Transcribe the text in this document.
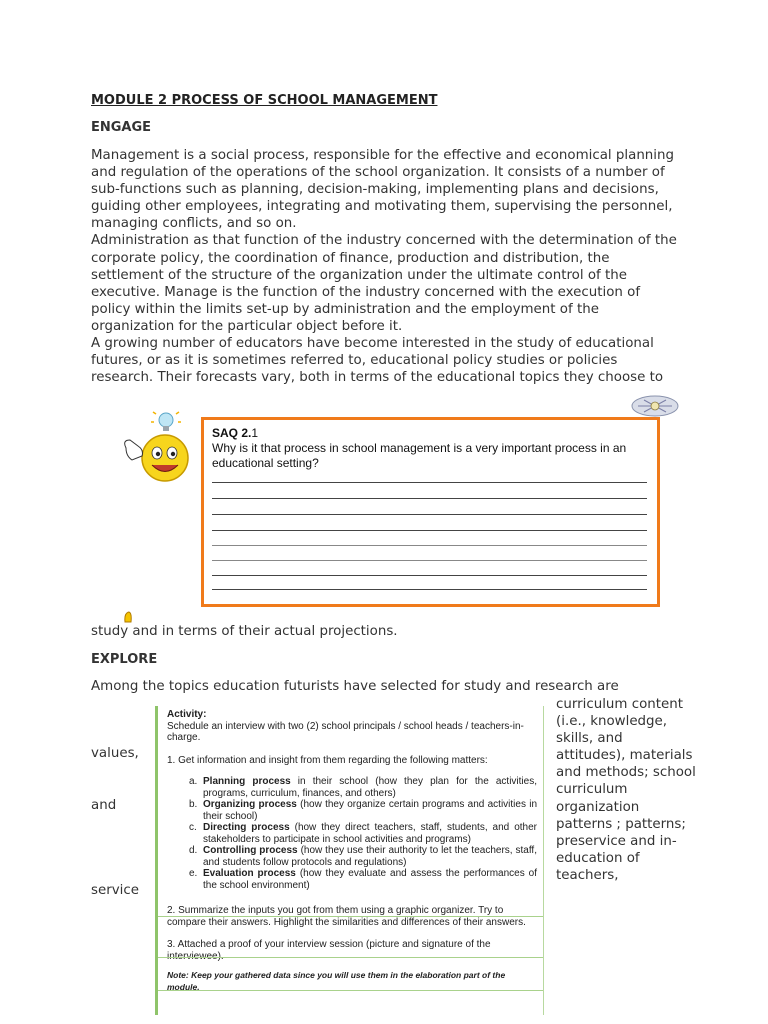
MODULE 2 PROCESS OF SCHOOL MANAGEMENT
ENGAGE

Management is a social process, responsible for the effective and economical planning and regulation of the operations of the school organization. It consists of a number of sub-functions such as planning, decision-making, implementing plans and decisions, guiding other employees, integrating and motivating them, supervising the personnel, managing conflicts, and so on.

Administration as that function of the industry concerned with the determination of the corporate policy, the coordination of finance, production and distribution, the settlement of the structure of the organization under the ultimate control of the executive. Manage is the function of the industry concerned with the execution of policy within the limits set-up by administration and the employment of the organization for the particular object before it.

A growing number of educators have become interested in the study of educational futures, or as it is sometimes referred to, educational policy studies or policies research. Their forecasts vary, both in terms of the educational topics they choose to

SAQ 2.1
Why is it that process in school management is a very important process in an educational setting?
study and in terms of their actual projections.
EXPLORE
Among the topics education futurists have selected for study and research are
values,
and
service
curriculum content (i.e., knowledge, skills, and attitudes), materials and methods; school curriculum organization patterns ; patterns; preservice and in-education of teachers,

Activity:

Schedule an interview with two (2) school principals / school heads / teachers-in-charge.

1. Get information and insight from them regarding the following matters:

a. Planning process in their school (how they plan for the activities, programs, curriculum, finances, and others)
b. Organizing process (how they organize certain programs and activities in their school)
c. Directing process (how they direct teachers, staff, students, and other stakeholders to participate in school activities and programs)
d. Controlling process (how they use their authority to let the teachers, staff, and students follow protocols and regulations)
e. Evaluation process (how they evaluate and assess the performances of the school environment)

2. Summarize the inputs you got from them using a graphic organizer. Try to compare their answers. Highlight the similarities and differences of their answers.

3. Attached a proof of your interview session (picture and signature of the interviewee).

Note: Keep your gathered data since you will use them in the elaboration part of the module.
